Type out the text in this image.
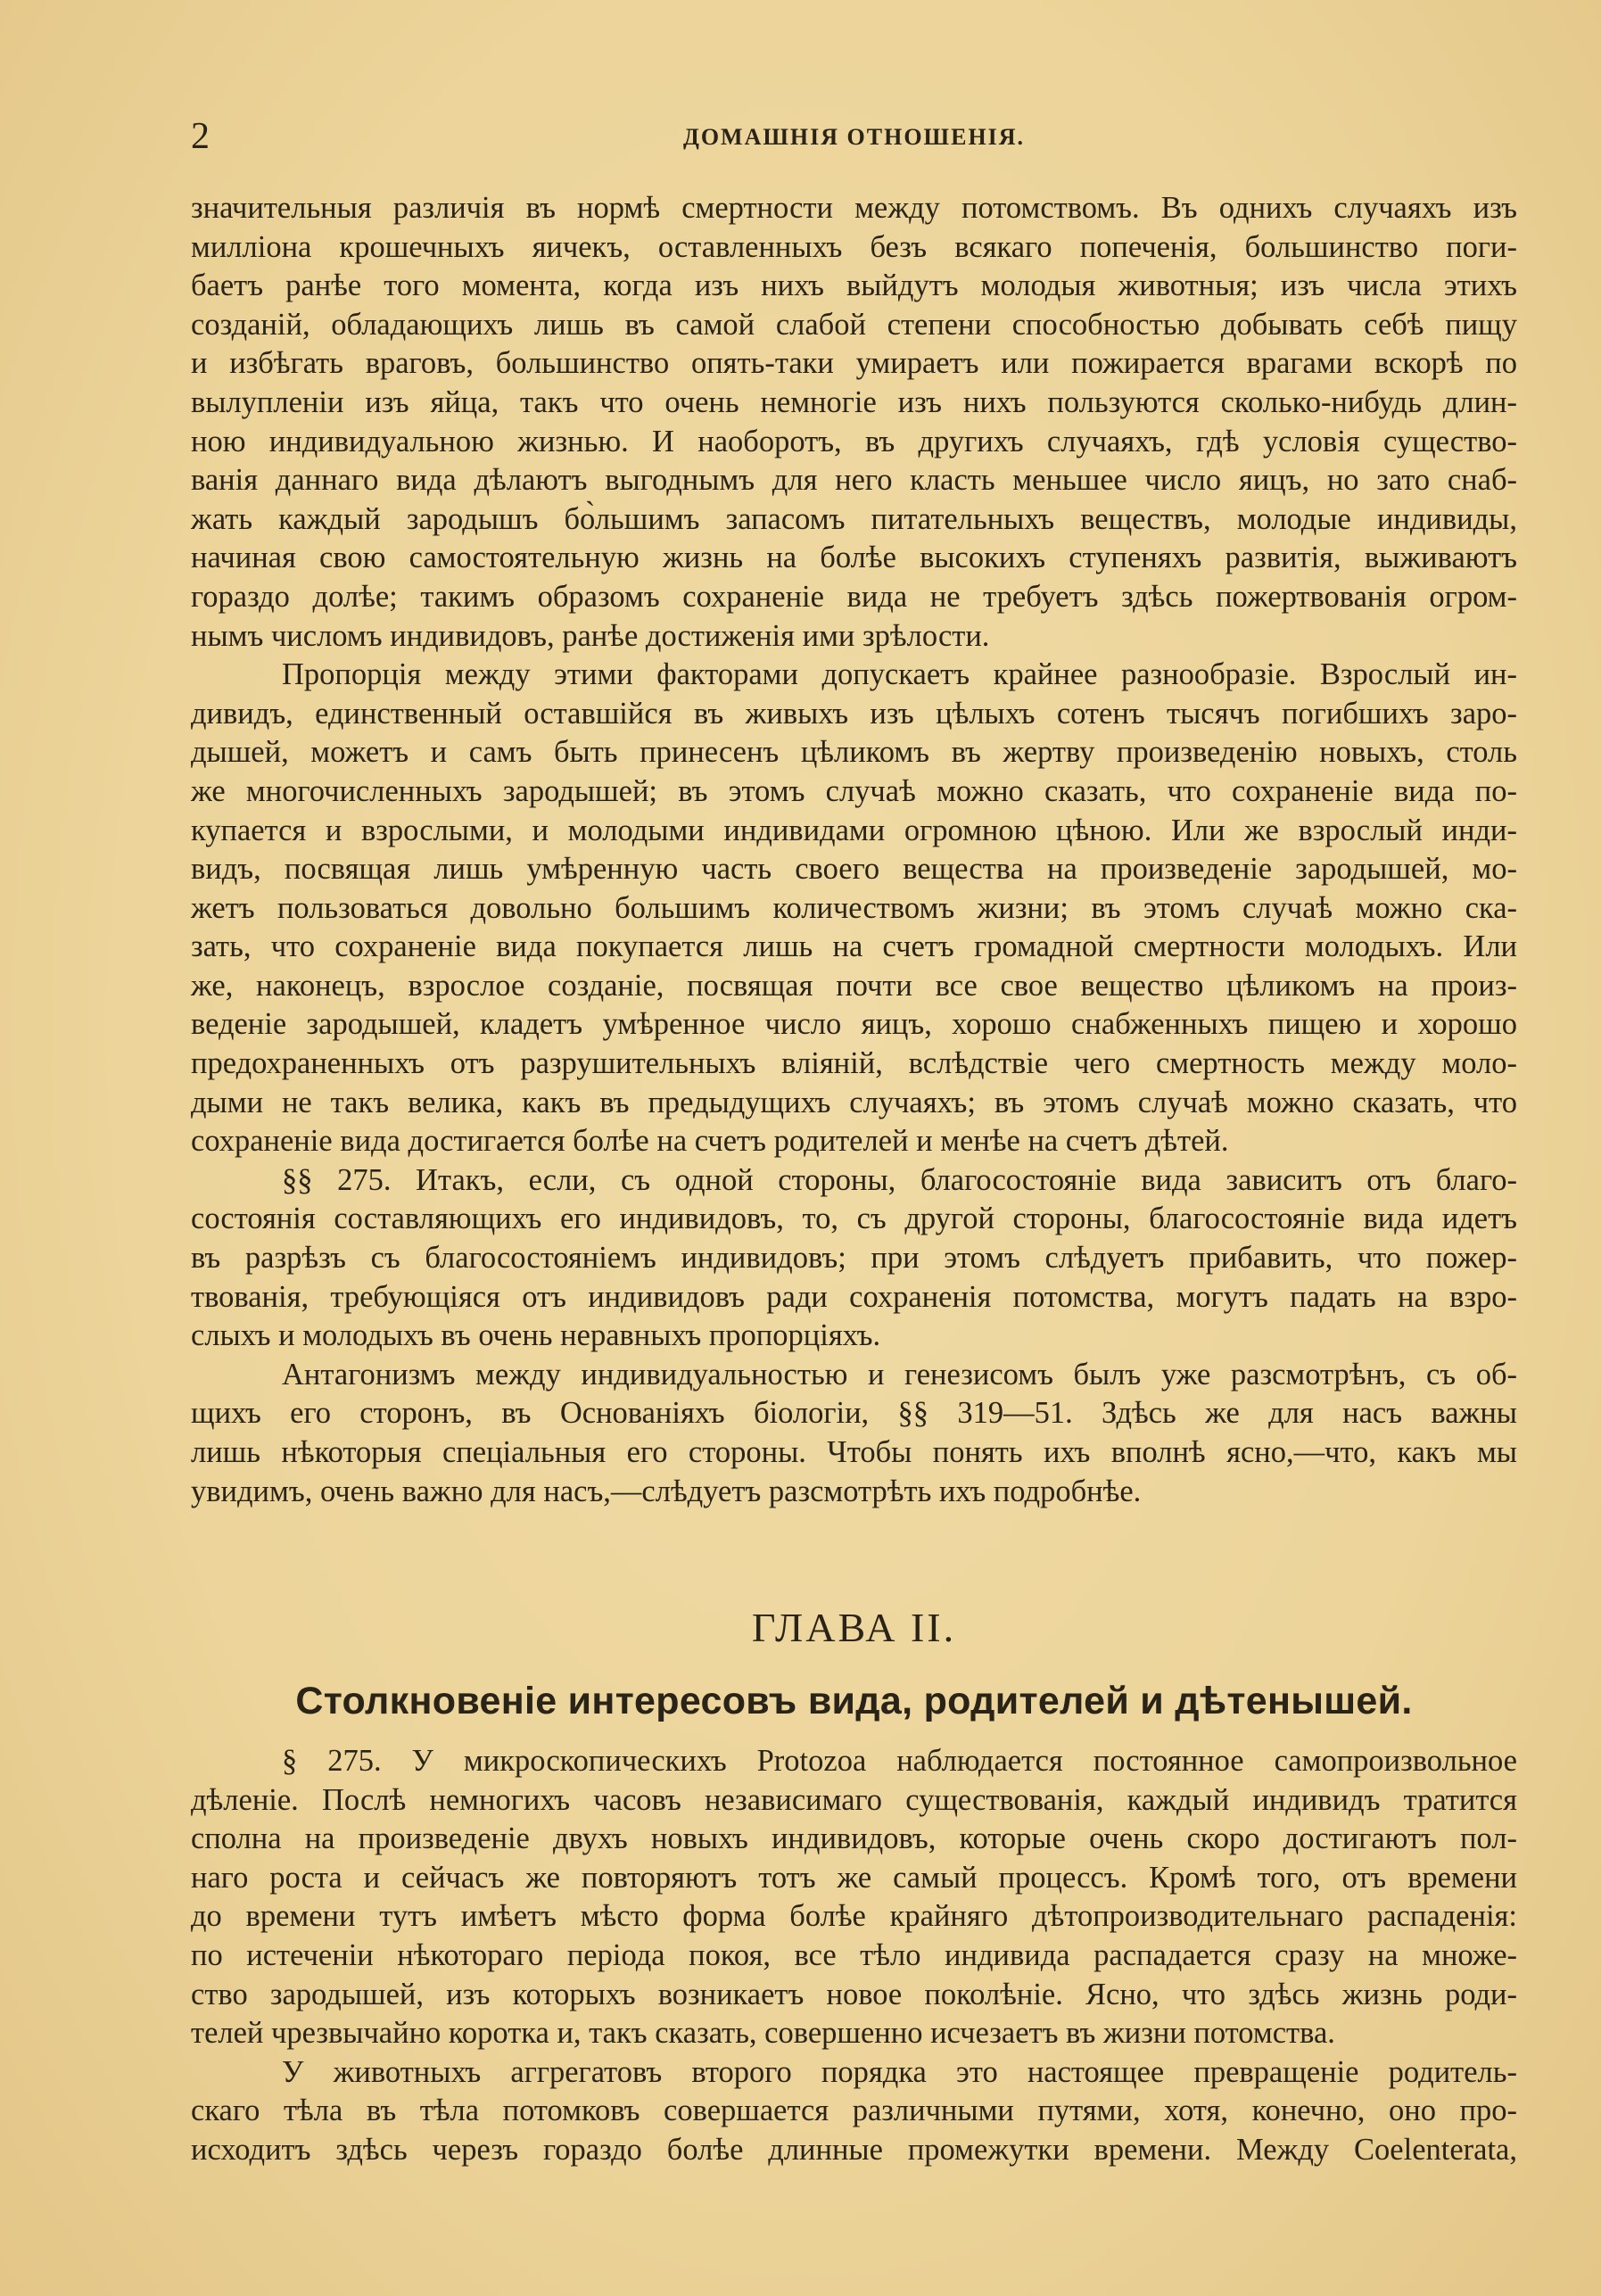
2	ДОМАШНІЯ ОТНОШЕНІЯ.
значительныя различія въ нормѣ смертности между потомствомъ. Въ однихъ случаяхъ изъ
милліона крошечныхъ яичекъ, оставленныхъ безъ всякаго попеченія, большинство поги-
баетъ ранѣе того момента, когда изъ нихъ выйдутъ молодыя животныя; изъ числа этихъ
созданій, обладающихъ лишь въ самой слабой степени способностью добывать себѣ пищу
и избѣгать враговъ, большинство опять-таки умираетъ или пожирается врагами вскорѣ по
вылупленіи изъ яйца, такъ что очень немногіе изъ нихъ пользуются сколько-нибудь длин-
ною индивидуальною жизнью. И наоборотъ, въ другихъ случаяхъ, гдѣ условія существо-
ванія даннаго вида дѣлаютъ выгоднымъ для него класть меньшее число яицъ, но зато снаб-
жать каждый зародышъ бо̀льшимъ запасомъ питательныхъ веществъ, молодые индивиды,
начиная свою самостоятельную жизнь на болѣе высокихъ ступеняхъ развитія, выживаютъ
гораздо долѣе; такимъ образомъ сохраненіе вида не требуетъ здѣсь пожертвованія огром-
нымъ числомъ индивидовъ, ранѣе достиженія ими зрѣлости.
Пропорція между этими факторами допускаетъ крайнее разнообразіе. Взрослый ин-
дивидъ, единственный оставшійся въ живыхъ изъ цѣлыхъ сотенъ тысячъ погибшихъ заро-
дышей, можетъ и самъ быть принесенъ цѣликомъ въ жертву произведенію новыхъ, столь
же многочисленныхъ зародышей; въ этомъ случаѣ можно сказать, что сохраненіе вида по-
купается и взрослыми, и молодыми индивидами огромною цѣною. Или же взрослый инди-
видъ, посвящая лишь умѣренную часть своего вещества на произведеніе зародышей, мо-
жетъ пользоваться довольно большимъ количествомъ жизни; въ этомъ случаѣ можно ска-
зать, что сохраненіе вида покупается лишь на счетъ громадной смертности молодыхъ. Или
же, наконецъ, взрослое созданіе, посвящая почти все свое вещество цѣликомъ на произ-
веденіе зародышей, кладетъ умѣренное число яицъ, хорошо снабженныхъ пищею и хорошо
предохраненныхъ отъ разрушительныхъ вліяній, вслѣдствіе чего смертность между моло-
дыми не такъ велика, какъ въ предыдущихъ случаяхъ; въ этомъ случаѣ можно сказать, что
сохраненіе вида достигается болѣе на счетъ родителей и менѣе на счетъ дѣтей.
§§ 275. Итакъ, если, съ одной стороны, благосостояніе вида зависитъ отъ благо-
состоянія составляющихъ его индивидовъ, то, съ другой стороны, благосостояніе вида идетъ
въ разрѣзъ съ благосостояніемъ индивидовъ; при этомъ слѣдуетъ прибавить, что пожер-
твованія, требующіяся отъ индивидовъ ради сохраненія потомства, могутъ падать на взро-
слыхъ и молодыхъ въ очень неравныхъ пропорціяхъ.
Антагонизмъ между индивидуальностью и генезисомъ былъ уже разсмотрѣнъ, съ об-
щихъ его сторонъ, въ Основаніяхъ біологіи, §§ 319—51. Здѣсь же для насъ важны
лишь нѣкоторыя спеціальныя его стороны. Чтобы понять ихъ вполнѣ ясно,—что, какъ мы
увидимъ, очень важно для насъ,—слѣдуетъ разсмотрѣть ихъ подробнѣе.
ГЛАВА II.
Столкновеніе интересовъ вида, родителей и дѣтенышей.
§ 275. У микроскопическихъ Protozoa наблюдается постоянное самопроизвольное
дѣленіе. Послѣ немногихъ часовъ независимаго существованія, каждый индивидъ тратится
сполна на произведеніе двухъ новыхъ индивидовъ, которые очень скоро достигаютъ пол-
наго роста и сейчасъ же повторяютъ тотъ же самый процессъ. Кромѣ того, отъ времени
до времени тутъ имѣетъ мѣсто форма болѣе крайняго дѣтопроизводительнаго распаденія:
по истеченіи нѣкотораго періода покоя, все тѣло индивида распадается сразу на множе-
ство зародышей, изъ которыхъ возникаетъ новое поколѣніе. Ясно, что здѣсь жизнь роди-
телей чрезвычайно коротка и, такъ сказать, совершенно исчезаетъ въ жизни потомства.
У животныхъ аггрегатовъ второго порядка это настоящее превращеніе родитель-
скаго тѣла въ тѣла потомковъ совершается различными путями, хотя, конечно, оно про-
исходитъ здѣсь черезъ гораздо болѣе длинные промежутки времени. Между Coelenterata,
